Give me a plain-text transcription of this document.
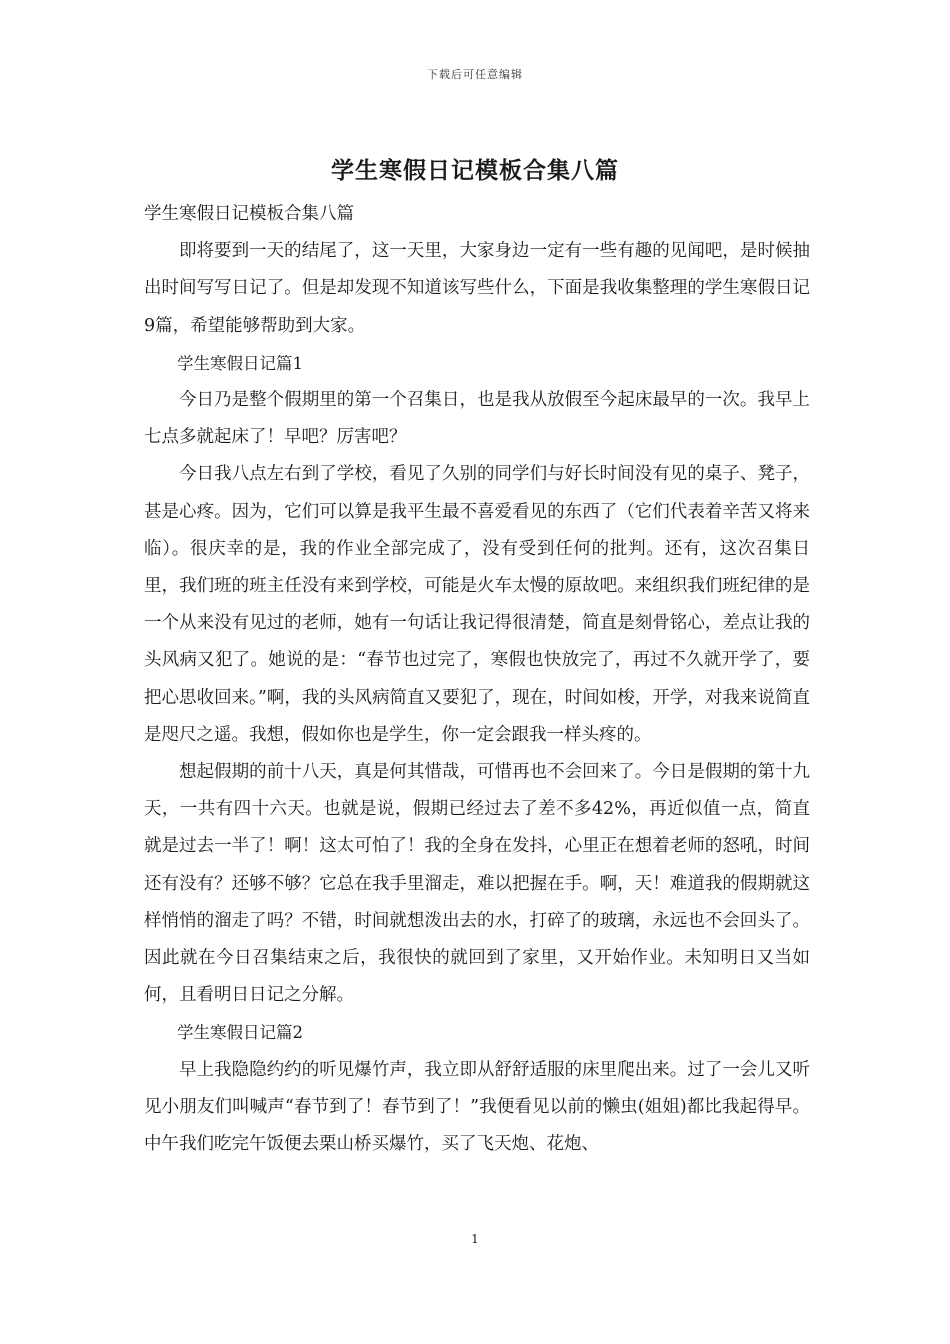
下载后可任意编辑
学生寒假日记模板合集八篇

学生寒假日记模板合集八篇

即将要到一天的结尾了，这一天里，大家身边一定有一些有趣的见闻吧，是时候抽出时间写写日记了。但是却发现不知道该写些什么，下面是我收集整理的学生寒假日记9篇，希望能够帮助到大家。

学生寒假日记篇1

今日乃是整个假期里的第一个召集日，也是我从放假至今起床最早的一次。我早上七点多就起床了！早吧？厉害吧？

今日我八点左右到了学校，看见了久别的同学们与好长时间没有见的桌子、凳子，甚是心疼。因为，它们可以算是我平生最不喜爱看见的东西了（它们代表着辛苦又将来临）。很庆幸的是，我的作业全部完成了，没有受到任何的批判。还有，这次召集日里，我们班的班主任没有来到学校，可能是火车太慢的原故吧。来组织我们班纪律的是一个从来没有见过的老师，她有一句话让我记得很清楚，简直是刻骨铭心，差点让我的头风病又犯了。她说的是：“春节也过完了，寒假也快放完了，再过不久就开学了，要把心思收回来。”啊，我的头风病简直又要犯了，现在，时间如梭，开学，对我来说简直是咫尺之遥。我想，假如你也是学生，你一定会跟我一样头疼的。

想起假期的前十八天，真是何其惜哉，可惜再也不会回来了。今日是假期的第十九天，一共有四十六天。也就是说，假期已经过去了差不多42%，再近似值一点，简直就是过去一半了！啊！这太可怕了！我的全身在发抖，心里正在想着老师的怒吼，时间还有没有？还够不够？它总在我手里溜走，难以把握在手。啊，天！难道我的假期就这样悄悄的溜走了吗？不错，时间就想泼出去的水，打碎了的玻璃，永远也不会回头了。因此就在今日召集结束之后，我很快的就回到了家里，又开始作业。未知明日又当如何，且看明日日记之分解。

学生寒假日记篇2

早上我隐隐约约的听见爆竹声，我立即从舒舒适服的床里爬出来。过了一会儿又听见小朋友们叫喊声“春节到了！春节到了！”我便看见以前的懒虫(姐姐)都比我起得早。中午我们吃完午饭便去栗山桥买爆竹，买了飞天炮、花炮、

1
